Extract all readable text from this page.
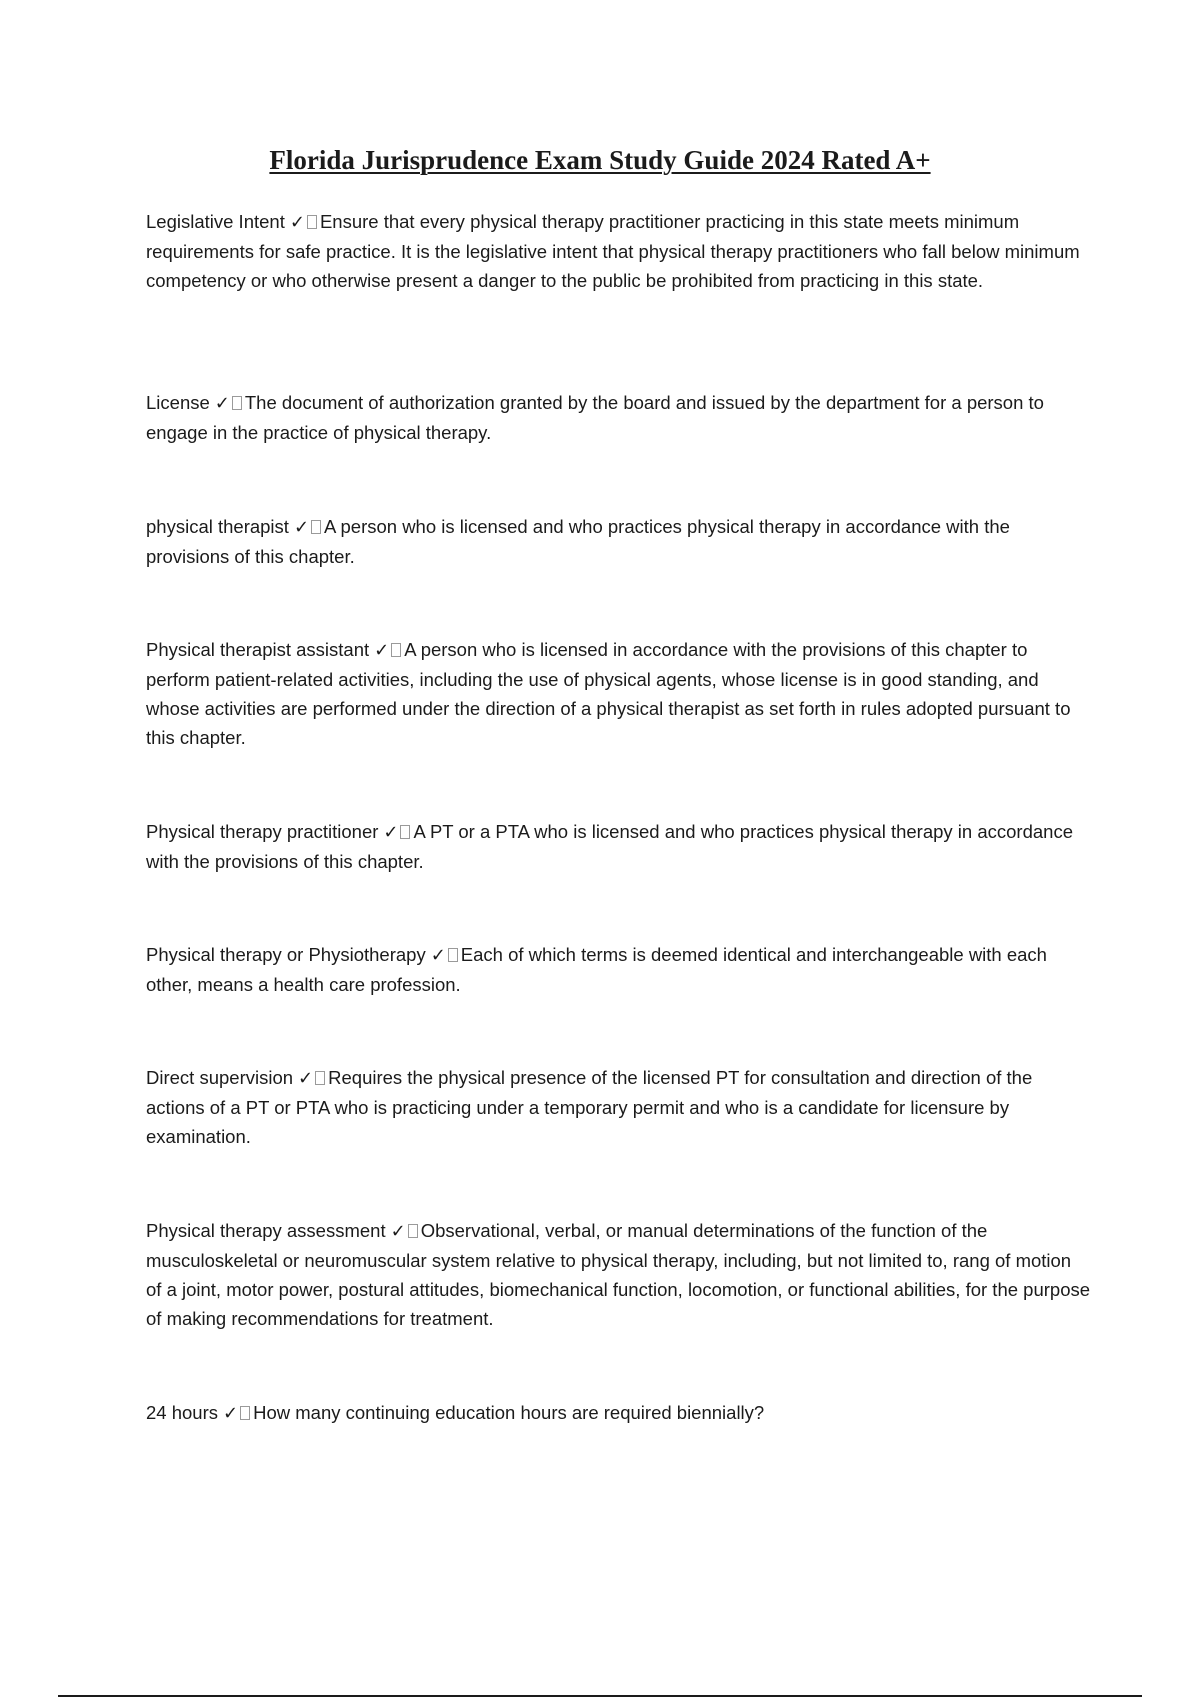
Florida Jurisprudence Exam Study Guide 2024 Rated A+
Legislative Intent ✓ Ensure that every physical therapy practitioner practicing in this state meets minimum requirements for safe practice. It is the legislative intent that physical therapy practitioners who fall below minimum competency or who otherwise present a danger to the public be prohibited from practicing in this state.
License ✓ The document of authorization granted by the board and issued by the department for a person to engage in the practice of physical therapy.
physical therapist ✓ A person who is licensed and who practices physical therapy in accordance with the provisions of this chapter.
Physical therapist assistant ✓ A person who is licensed in accordance with the provisions of this chapter to perform patient-related activities, including the use of physical agents, whose license is in good standing, and whose activities are performed under the direction of a physical therapist as set forth in rules adopted pursuant to this chapter.
Physical therapy practitioner ✓ A PT or a PTA who is licensed and who practices physical therapy in accordance with the provisions of this chapter.
Physical therapy or Physiotherapy ✓ Each of which terms is deemed identical and interchangeable with each other, means a health care profession.
Direct supervision ✓ Requires the physical presence of the licensed PT for consultation and direction of the actions of a PT or PTA who is practicing under a temporary permit and who is a candidate for licensure by examination.
Physical therapy assessment ✓ Observational, verbal, or manual determinations of the function of the musculoskeletal or neuromuscular system relative to physical therapy, including, but not limited to, rang of motion of a joint, motor power, postural attitudes, biomechanical function, locomotion, or functional abilities, for the purpose of making recommendations for treatment.
24 hours ✓ How many continuing education hours are required biennially?
